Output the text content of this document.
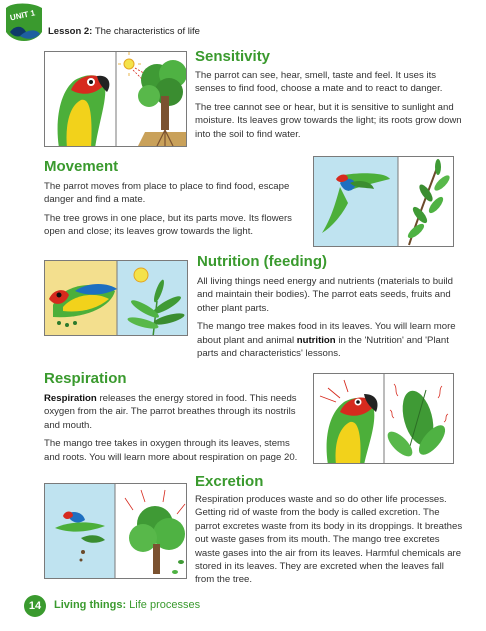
UNIT 1
Lesson 2: The characteristics of life
Sensitivity

The parrot can see, hear, smell, taste and feel. It uses its senses to find food, choose a mate and to react to danger.

The tree cannot see or hear, but it is sensitive to sunlight and moisture. Its leaves grow towards the light; its roots grow down into the soil to find water.

Movement

The parrot moves from place to place to find food, escape danger and find a mate.

The tree grows in one place, but its parts move. Its flowers open and close; its leaves grow towards the light.

Nutrition (feeding)

All living things need energy and nutrients (materials to build and maintain their bodies). The parrot eats seeds, fruits and other plant parts.

The mango tree makes food in its leaves. You will learn more about plant and animal nutrition in the 'Nutrition' and 'Plant parts and characteristics' lessons.

Respiration

Respiration releases the energy stored in food. This needs oxygen from the air. The parrot breathes through its nostrils and mouth.

The mango tree takes in oxygen through its leaves, stems and roots. You will learn more about respiration on page 20.

Excretion

Respiration produces waste and so do other life processes. Getting rid of waste from the body is called excretion. The parrot excretes waste from its body in its droppings. It breathes out waste gases from its mouth. The mango tree excretes waste gases into the air from its leaves. Harmful chemicals are stored in its leaves. They are excreted when the leaves fall from the tree.

14	Living things: Life processes
